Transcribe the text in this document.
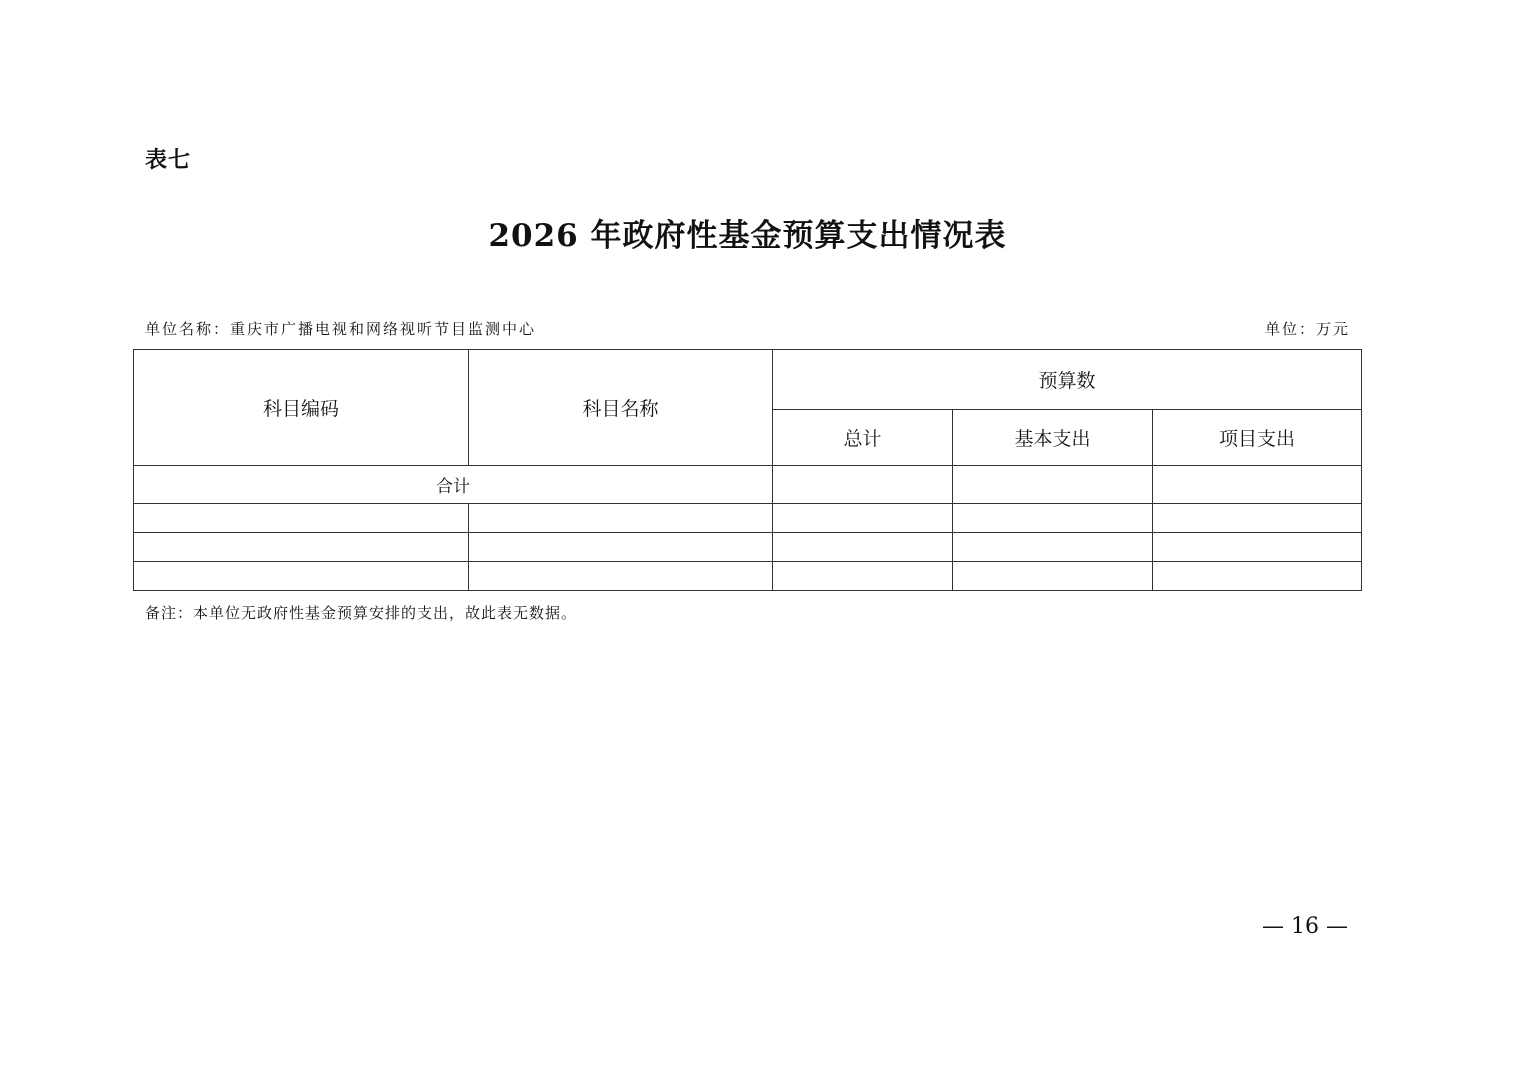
表七
2026 年政府性基金预算支出情况表
单位名称：重庆市广播电视和网络视听节目监测中心	单位：万元
科目编码	科目名称	预算数		
		总计	基本支出	项目支出
合计				

备注：本单位无政府性基金预算安排的支出，故此表无数据。
— 16 —
